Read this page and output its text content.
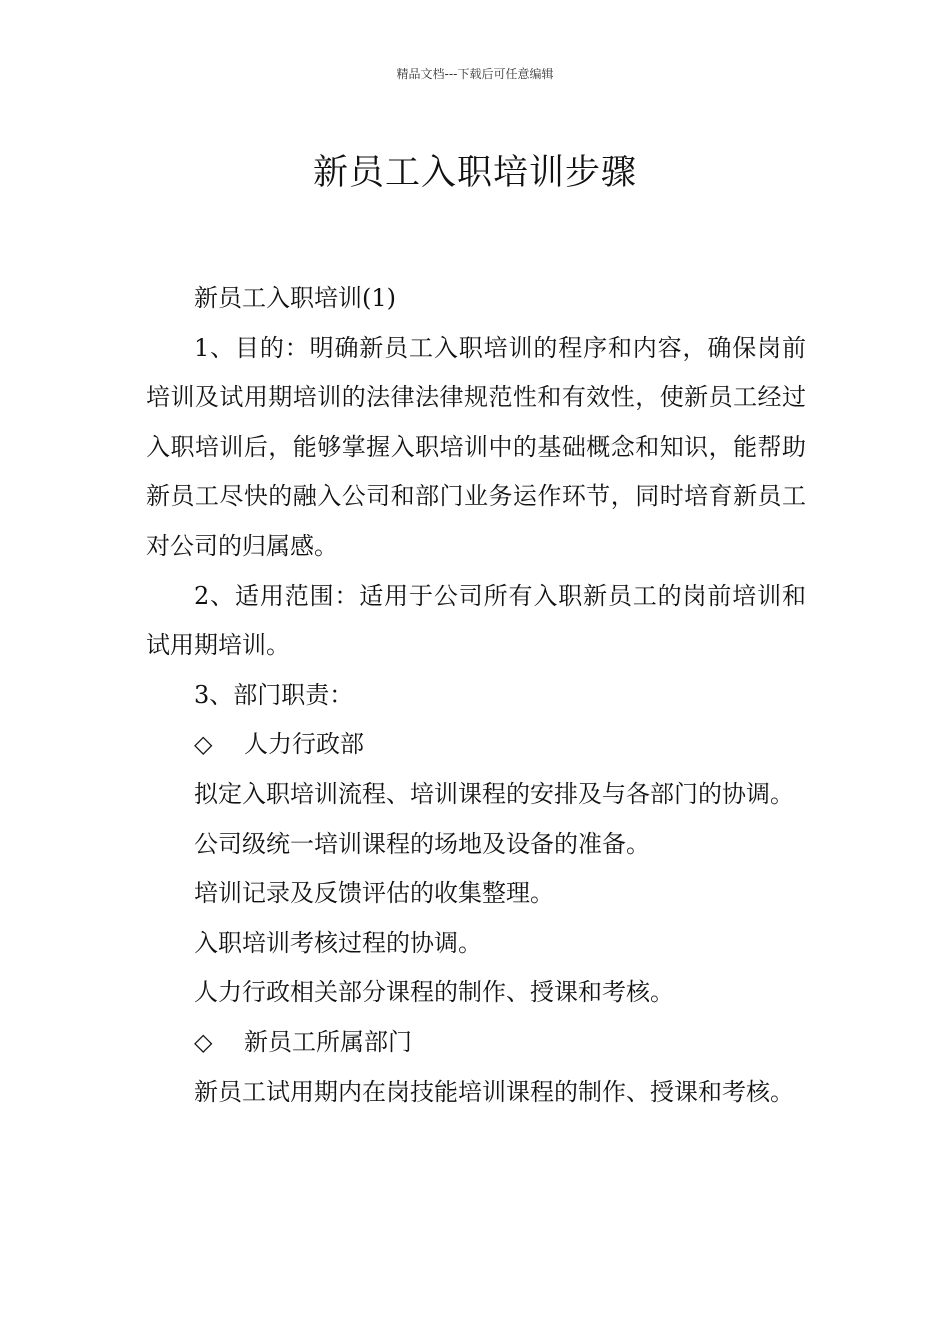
精品文档---下载后可任意编辑
新员工入职培训步骤

新员工入职培训(1)

1、目的：明确新员工入职培训的程序和内容，确保岗前培训及试用期培训的法律法律规范性和有效性，使新员工经过入职培训后，能够掌握入职培训中的基础概念和知识，能帮助新员工尽快的融入公司和部门业务运作环节，同时培育新员工对公司的归属感。

2、适用范围：适用于公司所有入职新员工的岗前培训和试用期培训。

3、部门职责：

◇ 人力行政部

拟定入职培训流程、培训课程的安排及与各部门的协调。

公司级统一培训课程的场地及设备的准备。

培训记录及反馈评估的收集整理。

入职培训考核过程的协调。

人力行政相关部分课程的制作、授课和考核。

◇ 新员工所属部门

新员工试用期内在岗技能培训课程的制作、授课和考核。
